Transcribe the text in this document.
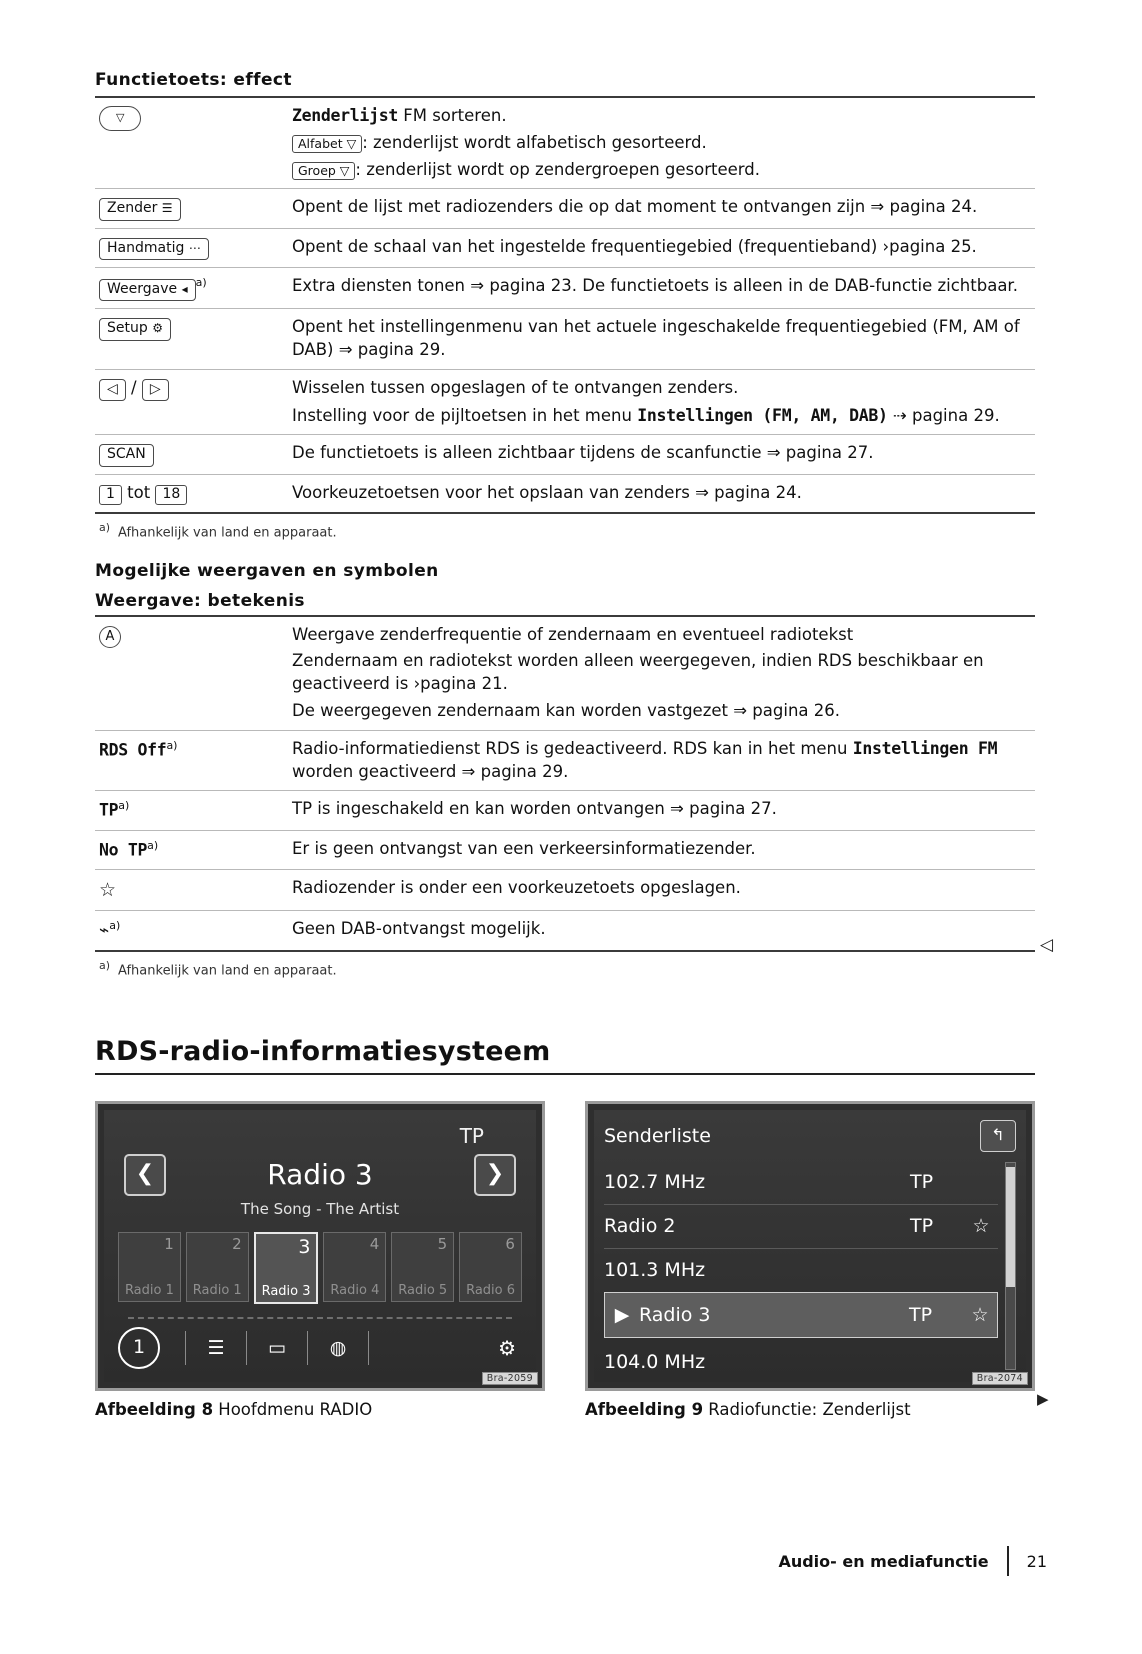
Functietoets: effect
▽	Zenderlijst FM sorteren.
Alfabet ▽ : zenderlijst wordt alfabetisch gesorteerd.
Groep ▽ : zenderlijst wordt op zendergroepen gesorteerd.

Zender ☰	Opent de lijst met radiozenders die op dat moment te ontvangen zijn ⇒ pagina 24.
Handmatig ⋯	Opent de schaal van het ingestelde frequentiegebied (frequentieband) ›pagina 25.
Weergave ◂ $^{a)}$	Extra diensten tonen ⇒ pagina 23. De functietoets is alleen in de DAB-functie zichtbaar.
Setup ⚙	Opent het instellingenmenu van het actuele ingeschakelde frequentiegebied (FM, AM of DAB) ⇒ pagina 29.
◁ / ▷	Wisselen tussen opgeslagen of te ontvangen zenders.
Instelling voor de pijltoetsen in het menu Instellingen (FM, AM, DAB) ⇢ pagina 29.

SCAN	De functietoets is alleen zichtbaar tijdens de scanfunctie ⇒ pagina 27.
1 tot 18	Voorkeuzetoetsen voor het opslaan van zenders ⇒ pagina 24.
$^{a)}$ Afhankelijk van land en apparaat.
Mogelijke weergaven en symbolen
Weergave: betekenis
A	Weergave zenderfrequentie of zendernaam en eventueel radiotekst
Zendernaam en radiotekst worden alleen weergegeven, indien RDS beschikbaar en geactiveerd is ›pagina 21.
De weergegeven zendernaam kan worden vastgezet ⇒ pagina 26.

RDS Off$^{a)}$	Radio-informatiedienst RDS is gedeactiveerd. RDS kan in het menu Instellingen FM worden geactiveerd ⇒ pagina 29.
TP$^{a)}$	TP is ingeschakeld en kan worden ontvangen ⇒ pagina 27.
No TP$^{a)}$	Er is geen ontvangst van een verkeersinformatiezender.
☆	Radiozender is onder een voorkeuzetoets opgeslagen.
⌁$^{a)}$	Geen DAB-ontvangst mogelijk.
$^{a)}$ Afhankelijk van land en apparaat.
RDS-radio-informatiesysteem
TP
❮	❯
Radio 3
The Song - The Artist
1
Radio 1
2
Radio 1
3
Radio 3
4
Radio 4
5
Radio 5
6
Radio 6
1	☰	▭	◍	⚙
Bra-2059
Afbeelding 8 Hoofdmenu RADIO
Senderliste	↰
102.7 MHz	TP
Radio 2	TP	☆
101.3 MHz
▶ Radio 3	TP	☆
104.0 MHz
Bra-2074
Afbeelding 9 Radiofunctie: Zenderlijst
◁
▶
Audio- en mediafunctie 21
